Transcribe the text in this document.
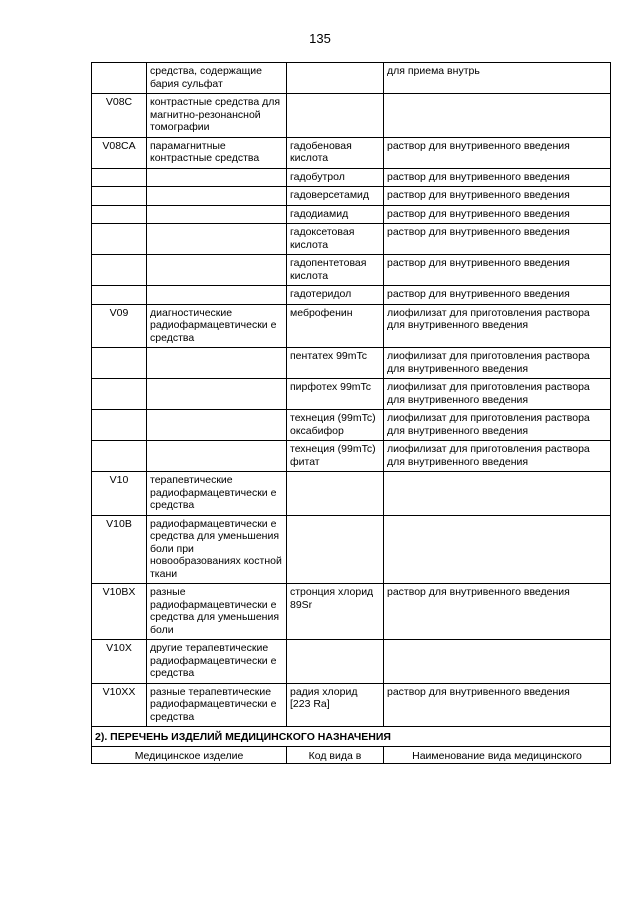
135
	средства, содержащие бария сульфат		для приема внутрь
V08C	контрастные средства для магнитно-резонансной томографии		
V08CA	парамагнитные контрастные средства	гадобеновая кислота	раствор для внутривенного введения
		гадобутрол	раствор для внутривенного введения
		гадоверсетамид	раствор для внутривенного введения
		гадодиамид	раствор для внутривенного введения
		гадоксетовая кислота	раствор для внутривенного введения
		гадопентетовая кислота	раствор для внутривенного введения
		гадотеридол	раствор для внутривенного введения
V09	диагностические радиофармацевтически е средства	меброфенин	лиофилизат для приготовления раствора для внутривенного введения
		пентатех 99mTc	лиофилизат для приготовления раствора для внутривенного введения
		пирфотех 99mTc	лиофилизат для приготовления раствора для внутривенного введения
		технеция (99mTc) оксабифор	лиофилизат для приготовления раствора для внутривенного введения
		технеция (99mTc) фитат	лиофилизат для приготовления раствора для внутривенного введения
V10	терапевтические радиофармацевтически е средства		
V10B	радиофармацевтически е средства для уменьшения боли при новообразованиях костной ткани		
V10BX	разные радиофармацевтически е средства для уменьшения боли	стронция хлорид 89Sr	раствор для внутривенного введения
V10X	другие терапевтические радиофармацевтически е средства		
V10XX	разные терапевтические радиофармацевтически е средства	радия хлорид [223 Ra]	раствор для внутривенного введения
2). ПЕРЕЧЕНЬ ИЗДЕЛИЙ МЕДИЦИНСКОГО НАЗНАЧЕНИЯ			
Медицинское изделие		Код вида в	Наименование вида медицинского
